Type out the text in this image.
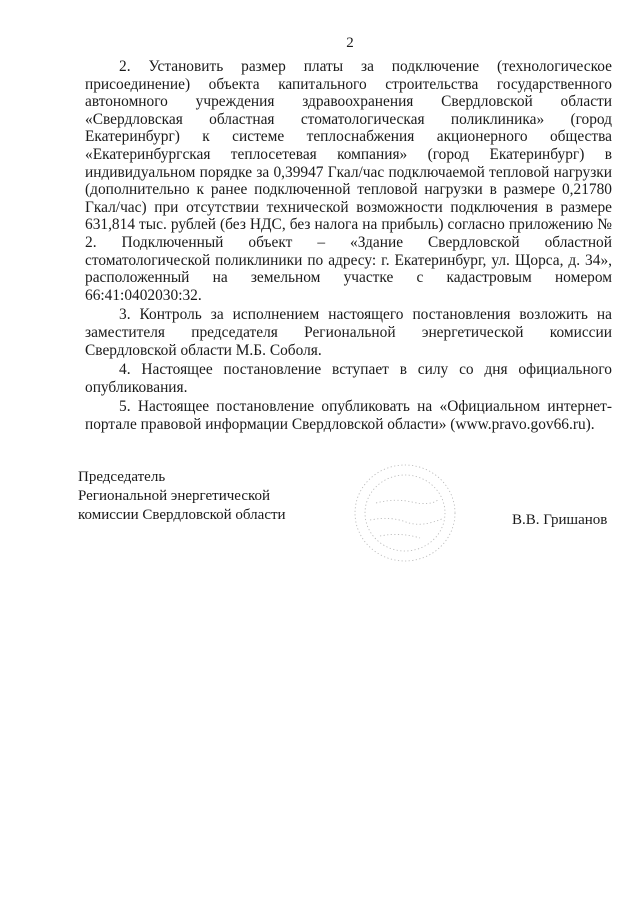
2

2. Установить размер платы за подключение (технологическое присоединение) объекта капитального строительства государственного автономного учреждения здравоохранения Свердловской области «Свердловская областная стоматологическая поликлиника» (город Екатеринбург) к системе теплоснабжения акционерного общества «Екатеринбургская теплосетевая компания» (город Екатеринбург) в индивидуальном порядке за 0,39947 Гкал/час подключаемой тепловой нагрузки (дополнительно к ранее подключенной тепловой нагрузки в размере 0,21780 Гкал/час) при отсутствии технической возможности подключения в размере 631,814 тыс. рублей (без НДС, без налога на прибыль) согласно приложению № 2. Подключенный объект – «Здание Свердловской областной стоматологической поликлиники по адресу: г. Екатеринбург, ул. Щорса, д. 34», расположенный на земельном участке с кадастровым номером 66:41:0402030:32.

3. Контроль за исполнением настоящего постановления возложить на заместителя председателя Региональной энергетической комиссии Свердловской области М.Б. Соболя.

4. Настоящее постановление вступает в силу со дня официального опубликования.

5. Настоящее постановление опубликовать на «Официальном интернет-портале правовой информации Свердловской области» (www.pravo.gov66.ru).

Председатель
Региональной энергетической
комиссии Свердловской области	В.В. Гришанов
